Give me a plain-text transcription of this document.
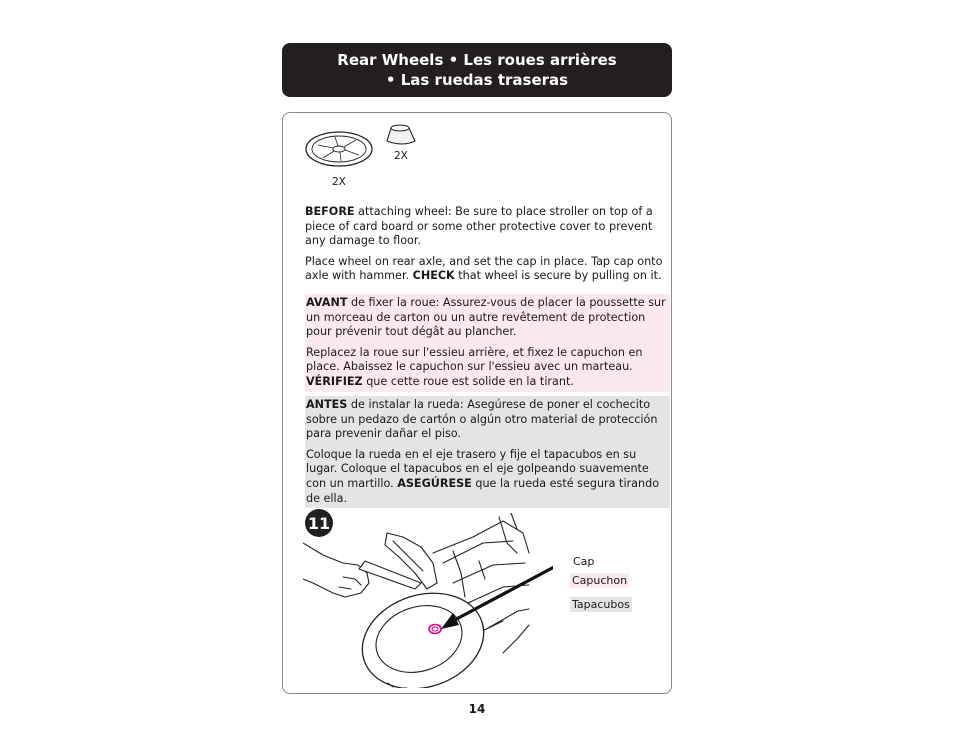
Rear Wheels • Les roues arrières
• Las ruedas traseras
2X
2X

BEFORE attaching wheel: Be sure to place stroller on top of a piece of card board or some other protective cover to prevent any damage to floor.

Place wheel on rear axle, and set the cap in place. Tap cap onto axle with hammer. CHECK that wheel is secure by pulling on it.

AVANT de fixer la roue: Assurez-vous de placer la poussette sur un morceau de carton ou un autre revêtement de protection pour prévenir tout dégât au plancher.

Replacez la roue sur l'essieu arrière, et fixez le capuchon en place. Abaissez le capuchon sur l'essieu avec un marteau. VÉRIFIEZ que cette roue est solide en la tirant.

ANTES de instalar la rueda: Asegúrese de poner el cochecito sobre un pedazo de cartón o algún otro material de protección para prevenir dañar el piso.

Coloque la rueda en el eje trasero y fije el tapacubos en su lugar. Coloque el tapacubos en el eje golpeando suavemente con un martillo. ASEGÚRESE que la rueda esté segura tirando de ella.

11
Cap
Capuchon
Tapacubos
14
